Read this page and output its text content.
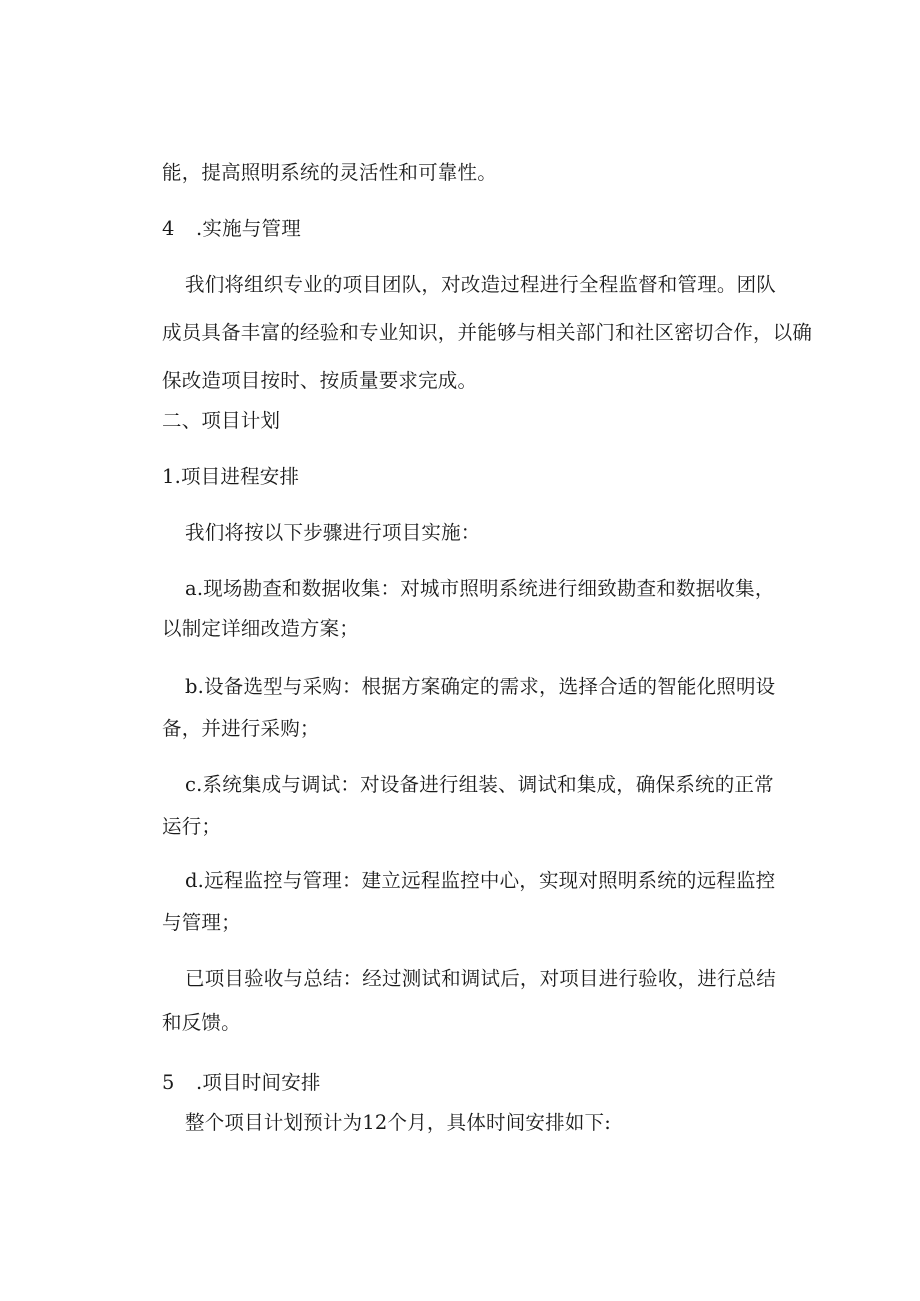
能，提高照明系统的灵活性和可靠性。
4 .实施与管理
我们将组织专业的项目团队，对改造过程进行全程监督和管理。团队
成员具备丰富的经验和专业知识，并能够与相关部门和社区密切合作，以确
保改造项目按时、按质量要求完成。
二、项目计划
1.项目进程安排
我们将按以下步骤进行项目实施：
a.现场勘查和数据收集：对城市照明系统进行细致勘查和数据收集，
以制定详细改造方案；
b.设备选型与采购：根据方案确定的需求，选择合适的智能化照明设
备，并进行采购；
c.系统集成与调试：对设备进行组装、调试和集成，确保系统的正常
运行；
d.远程监控与管理：建立远程监控中心，实现对照明系统的远程监控
与管理；
已项目验收与总结：经过测试和调试后，对项目进行验收，进行总结
和反馈。
5 .项目时间安排
整个项目计划预计为12个月，具体时间安排如下:
